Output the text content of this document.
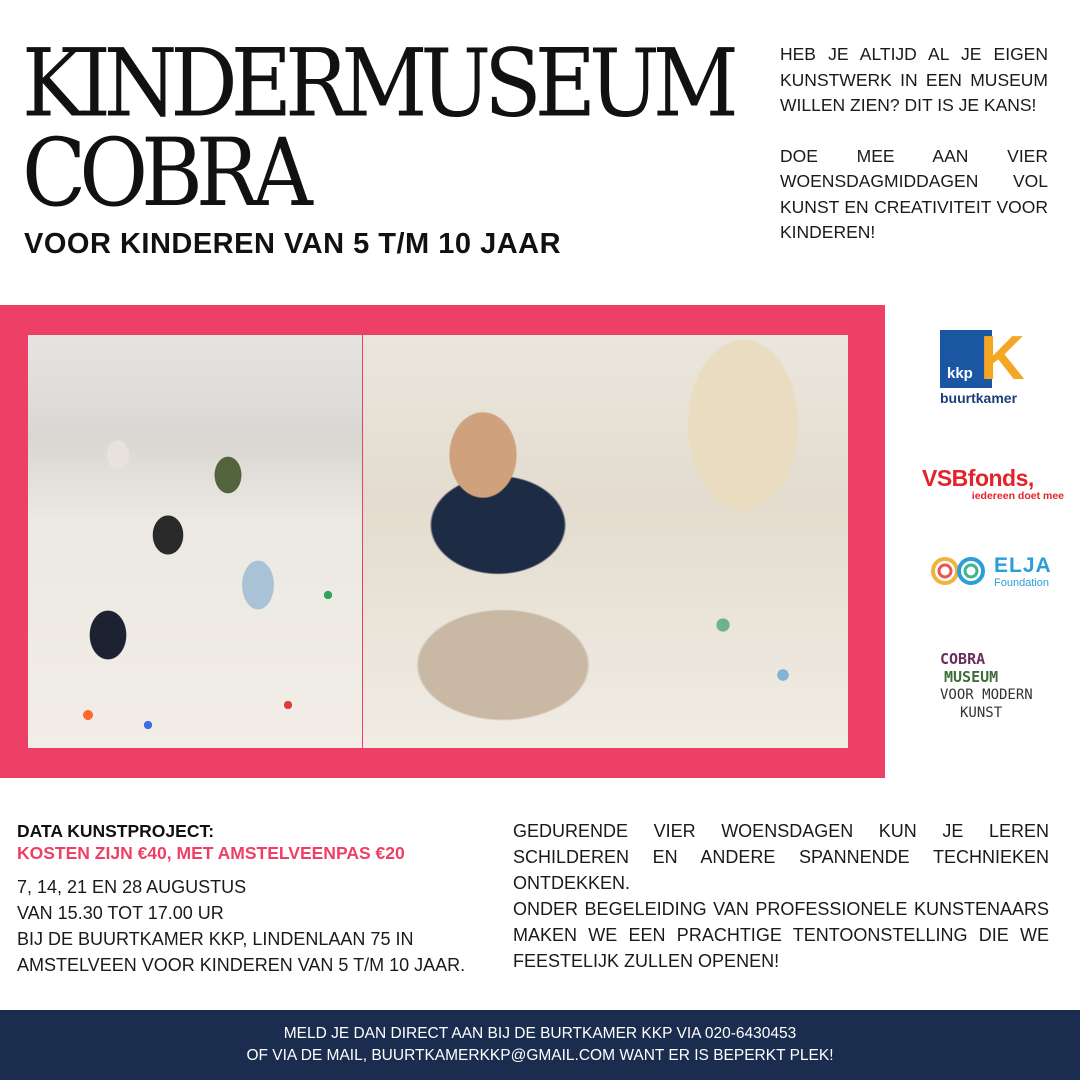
KINDERMUSEUM
COBRA
VOOR KINDEREN VAN 5 T/M 10 JAAR

HEB JE ALTIJD AL JE EIGEN KUNSTWERK IN EEN MUSEUM WILLEN ZIEN? DIT IS JE KANS!

DOE MEE AAN VIER WOENSDAGMIDDAGEN VOL KUNST EN CREATIVITEIT VOOR KINDEREN!

kkp K
buurtkamer
VSBfonds,
iedereen doet mee
ELJA
Foundation
COBRA
MUSEUM
VOOR MODERN
KUNST
DATA KUNSTPROJECT:
KOSTEN ZIJN €40, MET AMSTELVEENPAS €20
7, 14, 21 EN 28 AUGUSTUS
VAN 15.30 TOT 17.00 UR
BIJ DE BUURTKAMER KKP, LINDENLAAN 75 IN
AMSTELVEEN VOOR KINDEREN VAN 5 T/M 10 JAAR.

GEDURENDE VIER WOENSDAGEN KUN JE LEREN SCHILDEREN EN ANDERE SPANNENDE TECHNIEKEN ONTDEKKEN.

ONDER BEGELEIDING VAN PROFESSIONELE KUNSTENAARS MAKEN WE EEN PRACHTIGE TENTOONSTELLING DIE WE FEESTELIJK ZULLEN OPENEN!

MELD JE DAN DIRECT AAN BIJ DE BURTKAMER KKP VIA 020-6430453
OF VIA DE MAIL, BUURTKAMERKKP@GMAIL.COM WANT ER IS BEPERKT PLEK!
